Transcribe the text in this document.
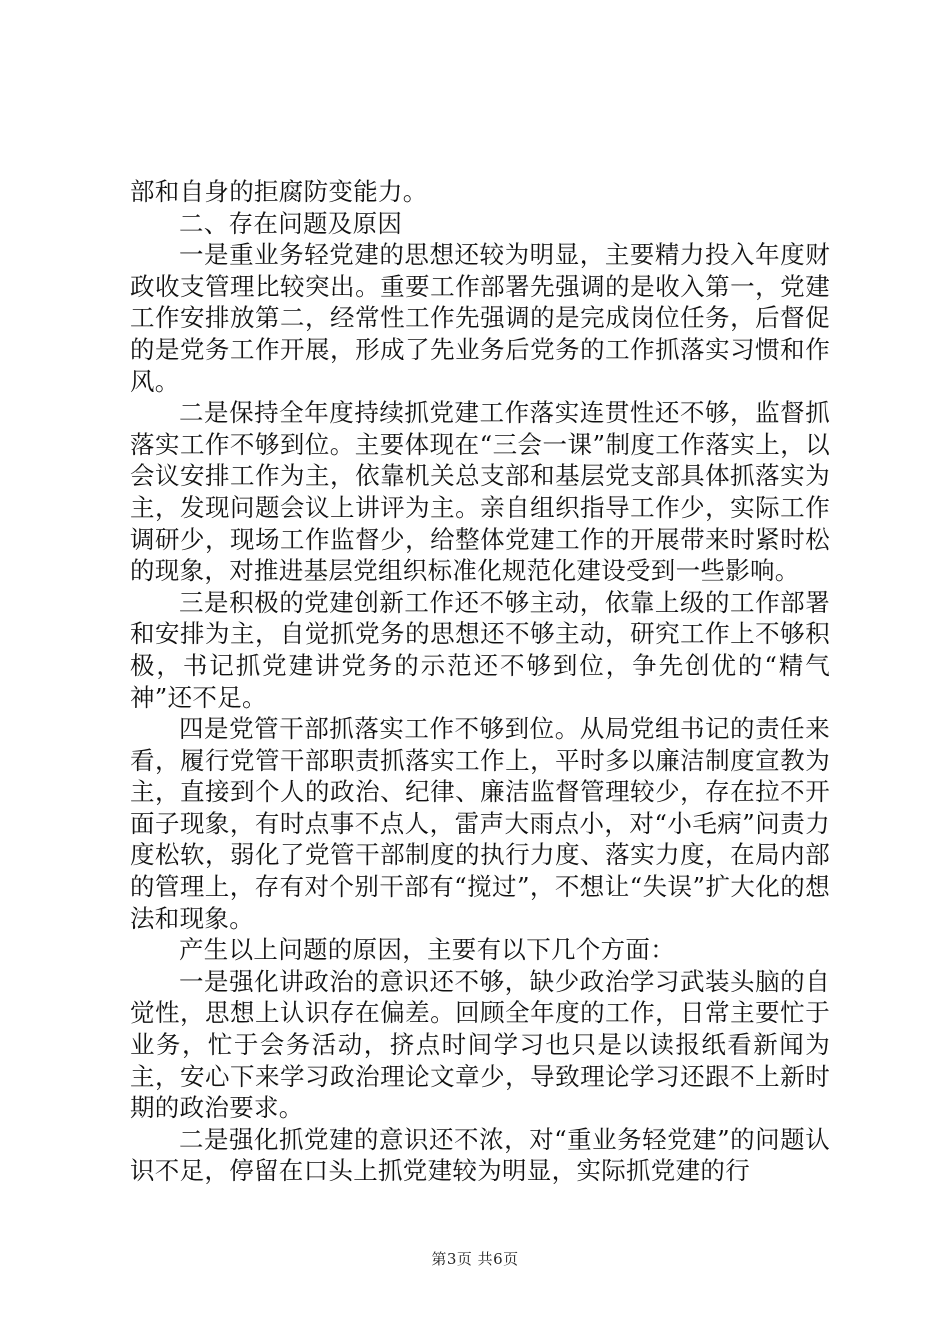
部和自身的拒腐防变能力。

二、存在问题及原因

一是重业务轻党建的思想还较为明显，主要精力投入年度财政收支管理比较突出。重要工作部署先强调的是收入第一，党建工作安排放第二，经常性工作先强调的是完成岗位任务，后督促的是党务工作开展，形成了先业务后党务的工作抓落实习惯和作风。

二是保持全年度持续抓党建工作落实连贯性还不够，监督抓落实工作不够到位。主要体现在“三会一课”制度工作落实上，以会议安排工作为主，依靠机关总支部和基层党支部具体抓落实为主，发现问题会议上讲评为主。亲自组织指导工作少，实际工作调研少，现场工作监督少，给整体党建工作的开展带来时紧时松的现象，对推进基层党组织标准化规范化建设受到一些影响。

三是积极的党建创新工作还不够主动，依靠上级的工作部署和安排为主，自觉抓党务的思想还不够主动，研究工作上不够积极，书记抓党建讲党务的示范还不够到位，争先创优的“精气神”还不足。

四是党管干部抓落实工作不够到位。从局党组书记的责任来看，履行党管干部职责抓落实工作上，平时多以廉洁制度宣教为主，直接到个人的政治、纪律、廉洁监督管理较少，存在拉不开面子现象，有时点事不点人，雷声大雨点小，对“小毛病”问责力度松软，弱化了党管干部制度的执行力度、落实力度，在局内部的管理上，存有对个别干部有“搅过”，不想让“失误”扩大化的想法和现象。

产生以上问题的原因，主要有以下几个方面：

一是强化讲政治的意识还不够，缺少政治学习武装头脑的自觉性，思想上认识存在偏差。回顾全年度的工作，日常主要忙于业务，忙于会务活动，挤点时间学习也只是以读报纸看新闻为主，安心下来学习政治理论文章少，导致理论学习还跟不上新时期的政治要求。

二是强化抓党建的意识还不浓，对“重业务轻党建”的问题认识不足，停留在口头上抓党建较为明显，实际抓党建的行

第3页 共6页
